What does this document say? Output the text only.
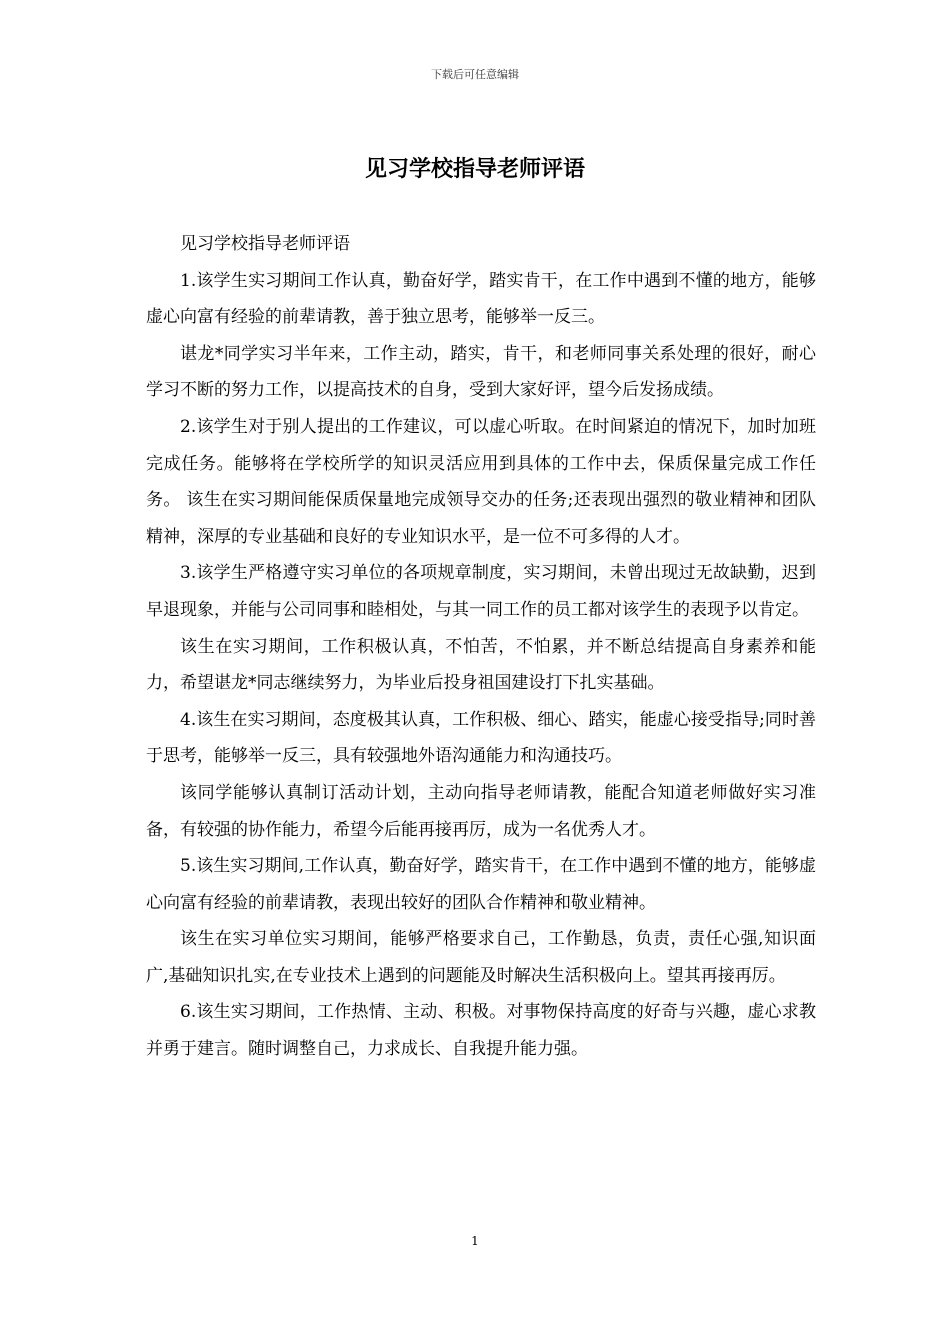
下载后可任意编辑
见习学校指导老师评语

见习学校指导老师评语

1.该学生实习期间工作认真，勤奋好学，踏实肯干，在工作中遇到不懂的地方，能够虚心向富有经验的前辈请教，善于独立思考，能够举一反三。

谌龙*同学实习半年来，工作主动，踏实，肯干，和老师同事关系处理的很好，耐心学习不断的努力工作，以提高技术的自身，受到大家好评，望今后发扬成绩。

2.该学生对于别人提出的工作建议，可以虚心听取。在时间紧迫的情况下，加时加班完成任务。能够将在学校所学的知识灵活应用到具体的工作中去，保质保量完成工作任务。 该生在实习期间能保质保量地完成领导交办的任务;还表现出强烈的敬业精神和团队精神，深厚的专业基础和良好的专业知识水平，是一位不可多得的人才。

3.该学生严格遵守实习单位的各项规章制度，实习期间，未曾出现过无故缺勤，迟到早退现象，并能与公司同事和睦相处，与其一同工作的员工都对该学生的表现予以肯定。

该生在实习期间，工作积极认真，不怕苦，不怕累，并不断总结提高自身素养和能力，希望谌龙*同志继续努力，为毕业后投身祖国建设打下扎实基础。

4.该生在实习期间，态度极其认真，工作积极、细心、踏实，能虚心接受指导;同时善于思考，能够举一反三，具有较强地外语沟通能力和沟通技巧。

该同学能够认真制订活动计划，主动向指导老师请教，能配合知道老师做好实习准备，有较强的协作能力，希望今后能再接再厉，成为一名优秀人才。

5.该生实习期间,工作认真，勤奋好学，踏实肯干，在工作中遇到不懂的地方，能够虚心向富有经验的前辈请教，表现出较好的团队合作精神和敬业精神。

该生在实习单位实习期间，能够严格要求自己，工作勤恳，负责，责任心强,知识面广,基础知识扎实,在专业技术上遇到的问题能及时解决生活积极向上。望其再接再厉。

6.该生实习期间，工作热情、主动、积极。对事物保持高度的好奇与兴趣，虚心求教并勇于建言。随时调整自己，力求成长、自我提升能力强。

1
